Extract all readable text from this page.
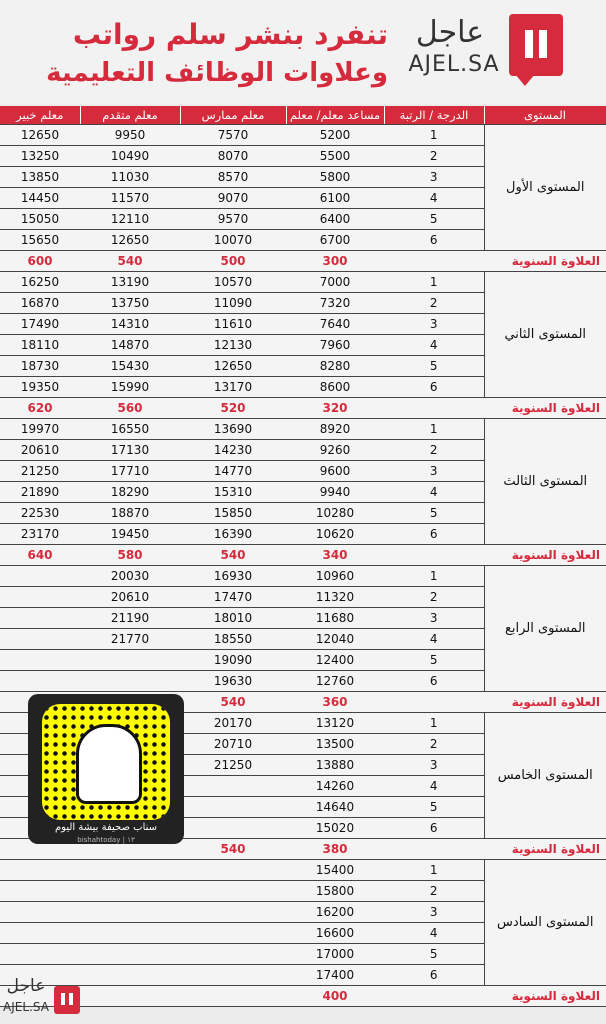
تنفرد بنشر سلم رواتب
وعلاوات الوظائف التعليمية
عاجل
AJEL.SA
معلم خبير	معلم متقدم	معلم ممارس	مساعد معلم/ معلم	الدرجة / الرتبة	المستوى
12650	9950	7570	5200	1	المستوى الأول
13250	10490	8070	5500	2	
13850	11030	8570	5800	3	
14450	11570	9070	6100	4	
15050	12110	9570	6400	5	
15650	12650	10070	6700	6	
600	540	500	300	العلاوة السنوية	
16250	13190	10570	7000	1	المستوى الثاني
16870	13750	11090	7320	2	
17490	14310	11610	7640	3	
18110	14870	12130	7960	4	
18730	15430	12650	8280	5	
19350	15990	13170	8600	6	
620	560	520	320	العلاوة السنوية	
19970	16550	13690	8920	1	المستوى الثالث
20610	17130	14230	9260	2	
21250	17710	14770	9600	3	
21890	18290	15310	9940	4	
22530	18870	15850	10280	5	
23170	19450	16390	10620	6	
640	580	540	340	العلاوة السنوية	
	20030	16930	10960	1	المستوى الرابع
	20610	17470	11320	2	
	21190	18010	11680	3	
	21770	18550	12040	4	
		19090	12400	5	
		19630	12760	6	
		540	360	العلاوة السنوية	
		20170	13120	1	المستوى الخامس
		20710	13500	2	
		21250	13880	3	
			14260	4	
			14640	5	
			15020	6	
		540	380	العلاوة السنوية	
			15400	1	المستوى السادس
			15800	2	
			16200	3	
			16600	4	
			17000	5	
			17400	6	
			400	العلاوة السنوية	
سناب صحيفة بيشة اليوم
bishahtoday | ١٣
عاجل
AJEL.SA
